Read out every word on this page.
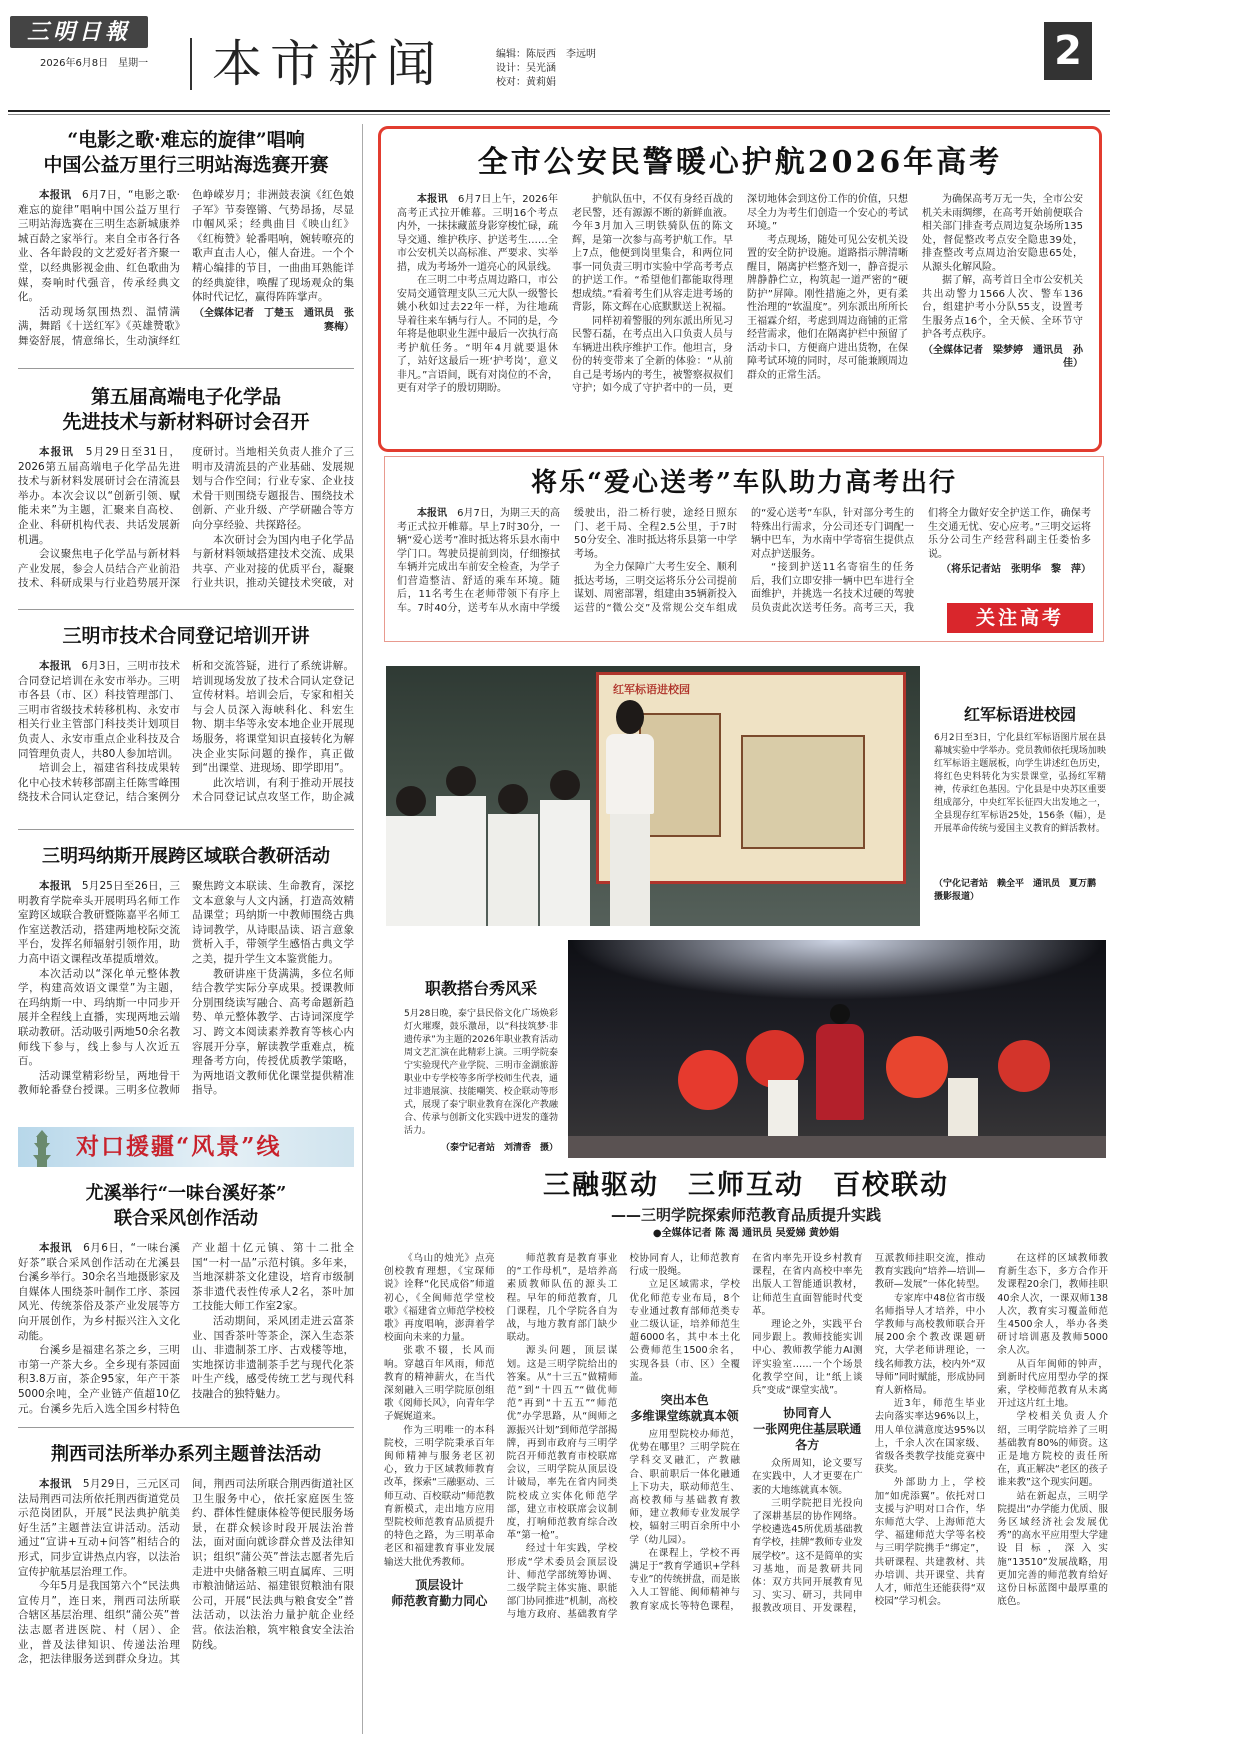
三明日報
2026年6月8日　星期一 本市新闻	编辑：陈辰西　李远明
设计：吴光涵
校对：黄莉娟
2
“电影之歌·难忘的旋律”唱响
中国公益万里行三明站海选赛开赛

本报讯　 6月7日，“电影之歌·难忘的旋律”唱响中国公益万里行三明站海选赛在三明生态新城康养城百龄之家举行。来自全市各行各业、各年龄段的文艺爱好者齐聚一堂，以经典影视金曲、红色歌曲为媒，奏响时代强音，传承经典文化。

活动现场氛围热烈、温情满满，舞蹈《十送红军》《英雄赞歌》舞姿舒展，情意绵长，生动演绎红色峥嵘岁月；非洲鼓表演《红色娘子军》节奏铿锵、气势昂扬，尽显巾帼风采；经典曲目《映山红》《红梅赞》轮番唱响，婉转嘹亮的歌声直击人心，催人奋进。一个个精心编排的节目，一曲曲耳熟能详的经典旋律，唤醒了现场观众的集体时代记忆，赢得阵阵掌声。

（全媒体记者　丁楚玉　通讯员　张赛梅）
第五届高端电子化学品
先进技术与新材料研讨会召开

本报讯　 5月29日至31日，2026第五届高端电子化学品先进技术与新材料发展研讨会在清流县举办。本次会议以“创新引领、赋能未来”为主题，汇聚来自高校、企业、科研机构代表、共话发展新机遇。

会议聚焦电子化学品与新材料产业发展，参会人员结合产业前沿技术、科研成果与行业趋势展开深度研讨。当地相关负责人推介了三明市及清流县的产业基础、发展规划与合作空间；行业专家、企业技术骨干则围绕专题报告、围绕技术创新、产业升级、产学研融合等方向分享经验、共探路径。

本次研讨会为国内电子化学品与新材料领域搭建技术交流、成果共享、产业对接的优质平台，凝聚行业共识，推动关键技术突破，对

三明市技术合同登记培训开讲

本报讯　 6月3日，三明市技术合同登记培训在永安市举办。三明市各县（市、区）科技管理部门、三明市省级技术转移机构、永安市相关行业主管部门科技类计划项目负责人、永安市重点企业科技及合同管理负责人，共80人参加培训。

培训会上，福建省科技成果转化中心技术转移部副主任陈雪峰围绕技术合同认定登记，结合案例分析和交流答疑，进行了系统讲解。培训现场发放了技术合同认定登记宣传材料。培训会后，专家和相关与会人员深入海峡科化、科宏生物、期丰华等永安本地企业开展现场服务，将课堂知识直接转化为解决企业实际问题的操作，真正做到“出课堂、进现场、即学即用”。

此次培训，有利于推动开展技术合同登记试点攻坚工作，助企减

三明玛纳斯开展跨区域联合教研活动

本报讯　 5月25日至26日，三明教育学院牵头开展明玛名师工作室跨区域联合教研暨陈嘉平名师工作室送教活动，搭建两地校际交流平台，发挥名师辐射引领作用，助力高中语文课程改革提质增效。

本次活动以“深化单元整体教学，构建高效语文课堂”为主题，在玛纳斯一中、玛纳斯一中同步开展并全程线上直播，实现两地云端联动教研。活动吸引两地50余名教师线下参与，线上参与人次近五百。

活动课堂精彩纷呈，两地骨干教师轮番登台授课。三明多位教师聚焦跨文本联读、生命教育，深挖文本意象与人文内涵，打造高效精品课堂；玛纳斯一中教师围绕古典诗词教学，从诗眼品读、语言意象赏析入手，带领学生感悟古典文学之美，提升学生文本鉴赏能力。

教研讲座干货满满，多位名师结合教学实际分享成果。授课教师分别围绕读写融合、高考命题新趋势、单元整体教学、古诗词深度学习、跨文本阅读素养教育等核心内容展开分享，解读教学重难点，梳理备考方向，传授优质教学策略，为两地语文教师优化课堂提供精准指导。

对口援疆“风景”线
尤溪举行“一味台溪好茶”
联合采风创作活动

本报讯　 6月6日，“一味台溪好茶”联合采风创作活动在尤溪县台溪乡举行。30余名当地摄影家及自媒体人围绕茶叶制作工序、茶园风光、传统茶俗及茶产业发展等方向开展创作，为乡村振兴注入文化动能。

台溪乡是福建名茶之乡，三明市第一产茶大乡。全乡现有茶园面积3.8万亩，茶企95家，年产干茶5000余吨，全产业链产值超10亿元。台溪乡先后入选全国乡村特色产业超十亿元镇、第十二批全国“一村一品”示范村镇。多年来，当地深耕茶文化建设，培育市级制茶非遗代表性传承人2名，茶叶加工技能大师工作室2家。

活动期间，采风团走进云富茶业、国香茶叶等茶企，深入生态茶山、非遗制茶工序、古戏楼等地，实地探访非遗制茶手艺与现代化茶叶生产线，感受传统工艺与现代科技融合的独特魅力。

荆西司法所举办系列主题普法活动

本报讯　 5月29日，三元区司法局荆西司法所依托荆西街道党员示范岗团队，开展“民法典护航美好生活”主题普法宣讲活动。活动通过“宣讲+互动+问答”相结合的形式，同步宣讲热点内容，以法治宣传护航基层治理工作。

今年5月是我国第六个“民法典宣传月”，连日来，荆西司法所联合辖区基层治理、组织“蒲公英”普法志愿者进医院、村（居）、企业，普及法律知识、传递法治理念，把法律服务送到群众身边。其间，荆西司法所联合荆西街道社区卫生服务中心，依托家庭医生签约、群体性健康体检等便民服务场景，在群众候诊时段开展法治普法，面对面向就诊群众普及法律知识；组织“蒲公英”普法志愿者先后走进中央储备粮三明直属库、三明市粮油储运站、福建银贸粮油有限公司，开展“民法典与粮食安全”普法活动，以法治力量护航企业经营。依法治粮，筑牢粮食安全法治防线。

全市公安民警暖心护航2026年高考

本报讯　 6月7日上午，2026年高考正式拉开帷幕。三明16个考点内外，一抹抹藏蓝身影穿梭忙碌，疏导交通、维护秩序、护送考生……全市公安机关以高标准、严要求、实举措，成为考场外一道亮心的风景线。

在三明二中考点周边路口，市公安局交通管理支队三元大队一级警长姚小秋如过去22年一样，为往地疏导着往来车辆与行人。不同的是，今年将是他职业生涯中最后一次执行高考护航任务。“明年4月就要退休了，站好这最后一班‘护考岗’，意义非凡。”言语间，既有对岗位的不舍，更有对学子的殷切期盼。

护航队伍中，不仅有身经百战的老民警，还有源源不断的新鲜血液。今年3月加入三明铁骑队伍的陈文辉，是第一次参与高考护航工作。早上7点，他便到岗里集合，和两位同事一同负责三明市实验中学高考考点的护送工作。“希望他们都能取得理想成绩。”看着考生们从容走进考场的背影，陈文辉在心底默默送上祝福。

同样初着警服的列东派出所见习民警石磊，在考点出入口负责人员与车辆进出秩序维护工作。他坦言，身份的转变带来了全新的体验：“从前自己是考场内的考生，被警察叔叔们守护；如今成了守护者中的一员，更深切地体会到这份工作的价值，只想尽全力为考生们创造一个安心的考试环境。”

考点现场，随处可见公安机关设置的安全防护设施。道路指示牌清晰醒目，隔离护栏整齐划一，静音提示牌静静伫立，构筑起一道严密的“硬防护”屏障。刚性措施之外，更有柔性治理的“软温度”。列东派出所所长王福霖介绍，考虑到周边商铺的正常经营需求，他们在隔离护栏中预留了活动卡口，方便商户进出货物，在保障考试环境的同时，尽可能兼顾周边群众的正常生活。

为确保高考万无一失，全市公安机关未雨绸缪，在高考开始前便联合相关部门排查考点周边复杂场所135处，督促整改考点安全隐患39处，排查整改考点周边治安隐患65处，从源头化解风险。

据了解，高考首日全市公安机关共出动警力1566人次、警车136台，组建护考小分队55支，设置考生服务点16个，全天候、全环节守护各考点秩序。

（全媒体记者　梁梦婷　通讯员　孙　佳）
将乐“爱心送考”车队助力高考出行

本报讯　 6月7日，为期三天的高考正式拉开帷幕。早上7时30分，一辆“爱心送考”准时抵达将乐县水南中学门口。驾驶员提前到岗，仔细擦拭车辆并完成出车前安全检查，为学子们营造整洁、舒适的乘车环境。随后，11名考生在老师带领下有序上车。7时40分，送考车从水南中学缓缓驶出，沿二桥行驶，途经日照东门、老干局、全程2.5公里，于7时50分安全、准时抵达将乐县第一中学考场。

为全力保障广大考生安全、顺利抵达考场，三明交运将乐分公司提前谋划、周密部署，组建由35辆新投入运营的“微公交”及常规公交车组成的“爱心送考”车队，针对部分考生的特殊出行需求，分公司还专门调配一辆中巴车，为水南中学寄宿生提供点对点护送服务。

“接到护送11名寄宿生的任务后，我们立即安排一辆中巴车进行全面维护，并挑选一名技术过硬的驾驶员负责此次送考任务。高考三天，我们将全力做好安全护送工作，确保考生交通无忧、安心应考。”三明交运将乐分公司生产经营科副主任娄怡多说。

（将乐记者站　张明华　黎　萍）
关注高考
红军标语进校园
红军标语进校园
6月2日至3日，宁化县红军标语图片展在县幕城实验中学举办。党员教师依托现场加映红军标语主题展板，向学生讲述红色历史，将红色史料转化为实景课堂，弘扬红军精神，传承红色基因。宁化县是中央苏区重要组成部分，中央红军长征四大出发地之一，全县现存红军标语25处，156条（幅），是开展革命传统与爱国主义教育的鲜活教材。
（宁化记者站　赖全平　通讯员　夏万鹏　摄影报道）
职教搭台秀风采
5月28日晚，泰宁县民俗文化广场焕彩灯火璀璨，鼓乐激昂，以“科技筑梦·非遗传承”为主题的2026年职业教育活动周文艺汇演在此精彩上演。三明学院泰宁实验现代产业学院、三明市金湖旅游职业中专学校等多所学校师生代表，通过非遗展演、技能嘲笑、校企联动等形式，展现了泰宁职业教育在深化产教融合、传承与创新文化实践中迸发的蓬勃活力。
（泰宁记者站　刘清香　摄）
三融驱动　三师互动　百校联动
——三明学院探索师范教育品质提升实践
●全媒体记者 陈 渴 通讯员 吴爱娣 黄妙娟

《乌山的烛光》点亮创校教育理想，《宝琛师说》诠释“化民成俗”师道初心，《全闽师范学堂校歌》《福建省立师范学校校歌》再度唱响，澎湃着学校面向未来的力量。

张歌不辍，长风而响。穿越百年风雨，师范教育的精神薪火，在当代深刻融入三明学院原创组歌《阅师长风》，向青年学子娓娓道来。

作为三明唯一的本科院校，三明学院秉承百年闽师精神与服务老区初心，致力于区域教师教育改革，探索“三融驱动、三师互动、百校联动”师范教育新模式，走出地方应用型院校师范教育品质提升的特色之路，为三明革命老区和福建教育事业发展输送大批优秀教师。

顶层设计
师范教育勤力同心

师范教育是教育事业的“工作母机”，是培养高素质教师队伍的源头工程。早年的师范教育，几门课程，几个学院各自为战，与地方教育部门缺少联动。

源头问题，顶层谋划。这是三明学院给出的答案。从“十三五”做精师范”到“十四五”“做优师范”再到“十五五”“师范优”办学思路，从“闽师之源振兴计划”到师范学部揭牌，再到市政府与三明学院召开师范教育市校联席会议，三明学院从顶层设计破局，率先在省内同类院校成立实体化师范学部，建立市校联席会议制度，打响师范教育综合改革“第一枪”。

经过十年实践，学校形成“学术委员会顶层设计、师范学部统筹协调、二级学院主体实施、职能部门协同推进”机制，高校与地方政府、基础教育学校协同育人，让师范教育行成一股绳。

立足区域需求，学校优化师范专业布局，8个专业通过教育部师范类专业二级认证，培养师范生超6000名，其中本土化公费师范生1500余名，实现各县（市、区）全覆盖。

突出本色
多维课堂练就真本领

应用型院校办师范，优势在哪里？三明学院在学科交叉融汇，产教融合、职前职后一体化融通上下功夫，联动师范生、高校教师与基础教育教师，建立教师专业发展学校，辐射三明百余所中小学（幼儿园）。

在课程上，学校不再满足于“教育学通识+学科专业”的传统拼盘，而是嵌入人工智能、闽师精神与教育家成长等特色课程，在省内率先开设乡村教育课程，在省内高校中率先出版人工智能通识教材，让师范生直面智能时代变革。

理论之外，实践平台同步跟上。教师技能实训中心、教师教学能力AI测评实验室……一个个场景化教学空间，让“纸上谈兵”变成“课堂实战”。

协同育人
一张网兜住基层联通各方

众所周知，论文要写在实践中，人才更要在广袤的大地练就真本领。

三明学院把目光投向了深耕基层的协作网络。学校遴选45所优质基础教育学校，挂牌“教师专业发展学校”。这不是简单的实习基地，而是教研共同体：双方共同开展教育见习、实习、研习，共同申报教改项目、开发课程，互派教师挂职交流，推动教育实践向“培养—培训—教研—发展”一体化转型。

专家库中48位省市级名师指导人才培养，中小学教师与高校教师联合开展200余个教改课题研究，大学老师讲理论，一线名师教方法，校内外“双导师”同时赋能，形成协同育人新格局。

近3年，师范生毕业去向落实率达96%以上，用人单位满意度达95%以上，千余人次在国家级、省级各类教学技能竞赛中获奖。

外部助力上，学校加“如虎添翼”。依托对口支援与沪明对口合作，华东师范大学、上海师范大学、福建师范大学等名校与三明学院携手“绑定”，共研课程、共建教材、共办培训、共开课堂、共育人才，师范生还能获得“双校园”学习机会。

在这样的区域教师教育新生态下，多方合作开发课程20余门，教师挂职40余人次，一课双师138人次，教育实习覆盖师范生4500余人，举办各类研讨培训惠及教师5000余人次。

从百年闽师的钟声，到新时代应用型办学的探索，学校师范教育从未离开过这片红土地。

学校相关负责人介绍，三明学院培养了三明基础教育80%的师资。这正是地方院校的责任所在，真正解决“老区的孩子谁来教”这个现实问题。

站在新起点，三明学院提出“办学能力优质、服务区域经济社会发展优秀”的高水平应用型大学建设目标，深入实施“13510”发展战略，用更加完善的师范教育给好这份日标蓝图中最厚重的底色。
